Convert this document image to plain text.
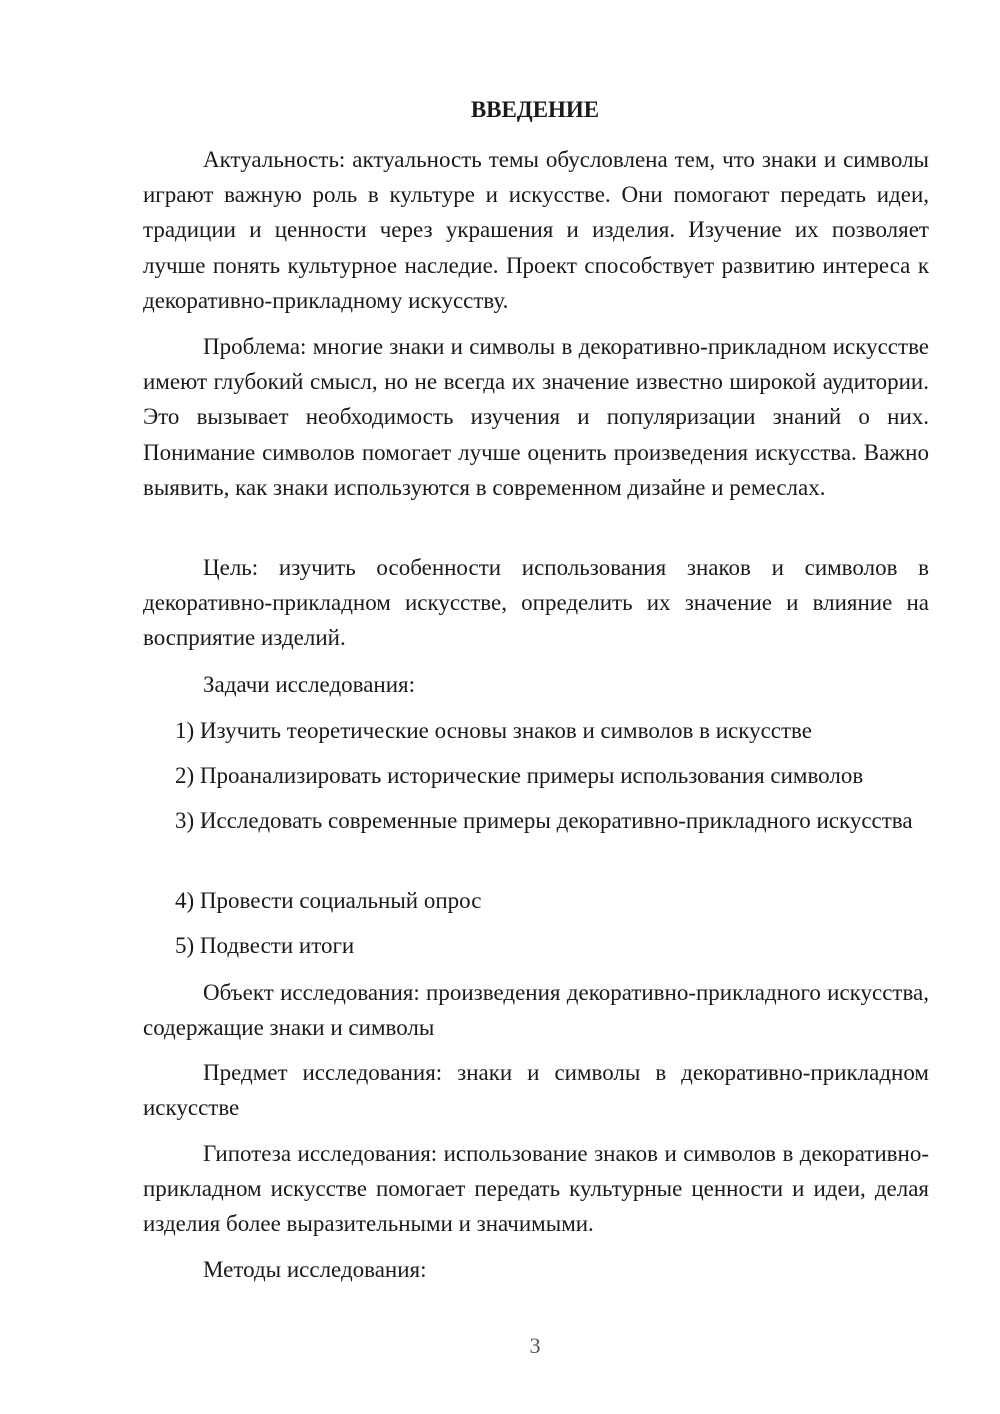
ВВЕДЕНИЕ

Актуальность: актуальность темы обусловлена тем, что знаки и символы играют важную роль в культуре и искусстве. Они помогают передать идеи, традиции и ценности через украшения и изделия. Изучение их позволяет лучше понять культурное наследие. Проект способствует развитию интереса к декоративно-прикладному искусству.

Проблема: многие знаки и символы в декоративно-прикладном искусстве имеют глубокий смысл, но не всегда их значение известно широкой аудитории. Это вызывает необходимость изучения и популяризации знаний о них. Понимание символов помогает лучше оценить произведения искусства. Важно выявить, как знаки используются в современном дизайне и ремеслах.

Цель: изучить особенности использования знаков и символов в декоративно-прикладном искусстве, определить их значение и влияние на восприятие изделий.

Задачи исследования:

1) Изучить теоретические основы знаков и символов в искусстве

2) Проанализировать исторические примеры использования символов

3) Исследовать современные примеры декоративно-прикладного искусства

4) Провести социальный опрос

5) Подвести итоги

Объект исследования: произведения декоративно-прикладного искусства, содержащие знаки и символы

Предмет исследования: знаки и символы в декоративно-прикладном искусстве

Гипотеза исследования: использование знаков и символов в декоративно-прикладном искусстве помогает передать культурные ценности и идеи, делая изделия более выразительными и значимыми.

Методы исследования:

3
